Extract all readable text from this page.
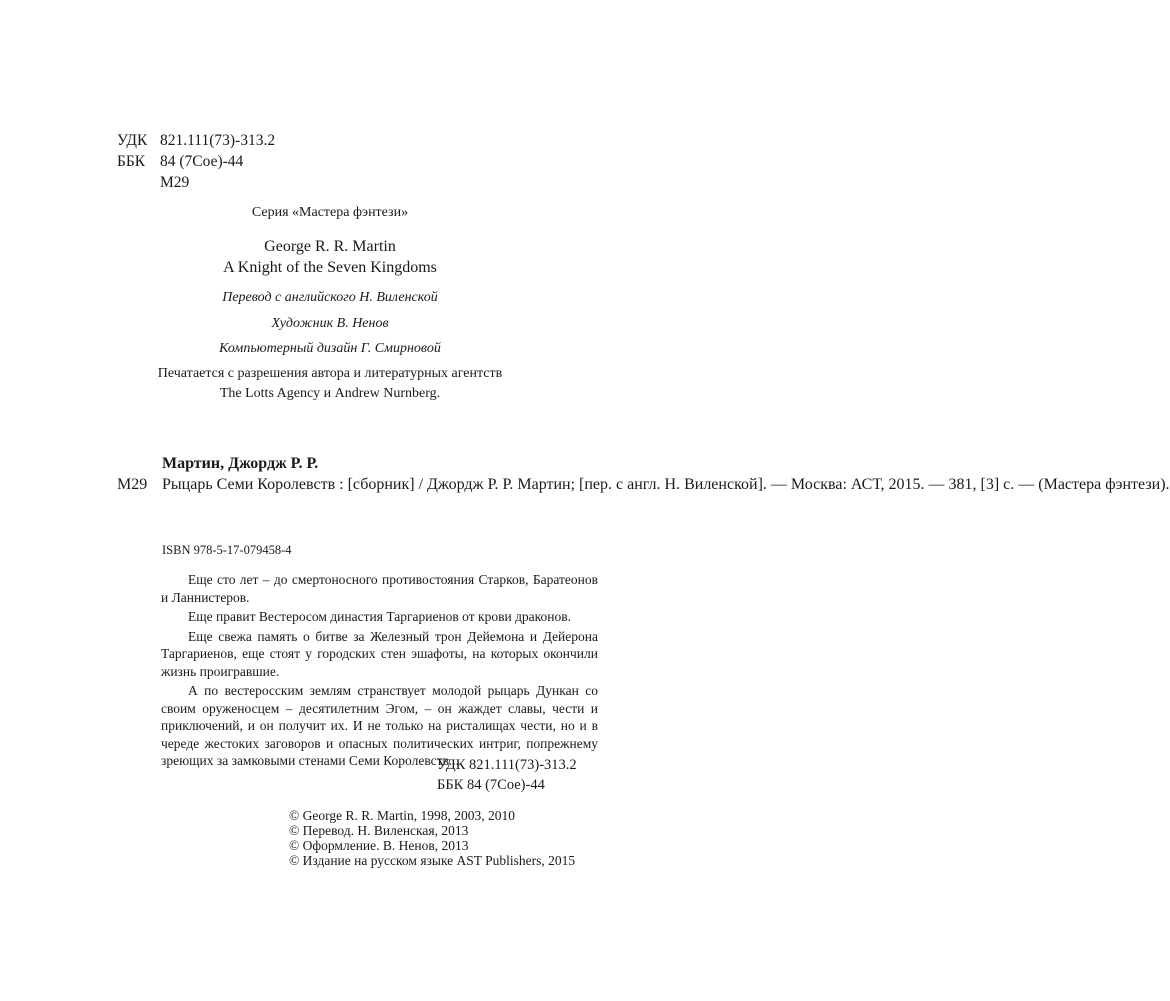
УДК 821.111(73)-313.2
ББК 84 (7Сое)-44
М29
Серия «Мастера фэнтези»
George R. R. Martin
A Knight of the Seven Kingdoms
Перевод с английского Н. Виленской
Художник В. Ненов
Компьютерный дизайн Г. Смирновой
Печатается с разрешения автора и литературных агентств
The Lotts Agency и Andrew Nurnberg.
Мартин, Джордж Р. Р.
М29 Рыцарь Семи Королевств : [сборник] / Джордж Р. Р. Мартин; [пер. с англ. Н. Виленской]. — Москва: АСТ, 2015. — 381, [3] с. — (Мастера фэнтези).
ISBN 978-5-17-079458-4

Еще сто лет – до смертоносного противостояния Старков, Баратеонов и Ланнистеров.

Еще правит Вестеросом династия Таргариенов от крови драконов.

Еще свежа память о битве за Железный трон Дейемона и Дейерона Таргариенов, еще стоят у городских стен эшафоты, на которых окончили жизнь проигравшие.

А по вестеросским землям странствует молодой рыцарь Дункан со своим оруженосцем – десятилетним Эгом, – он жаждет славы, чести и приключений, и он получит их. И не только на ристалищах чести, но и в череде жестоких заговоров и опасных политических интриг, попрежнему зреющих за замковыми стенами Семи Королевств...

УДК 821.111(73)-313.2
ББК 84 (7Сое)-44
© George R. R. Martin, 1998, 2003, 2010
© Перевод. Н. Виленская, 2013
© Оформление. В. Ненов, 2013
© Издание на русском языке AST Publishers, 2015
